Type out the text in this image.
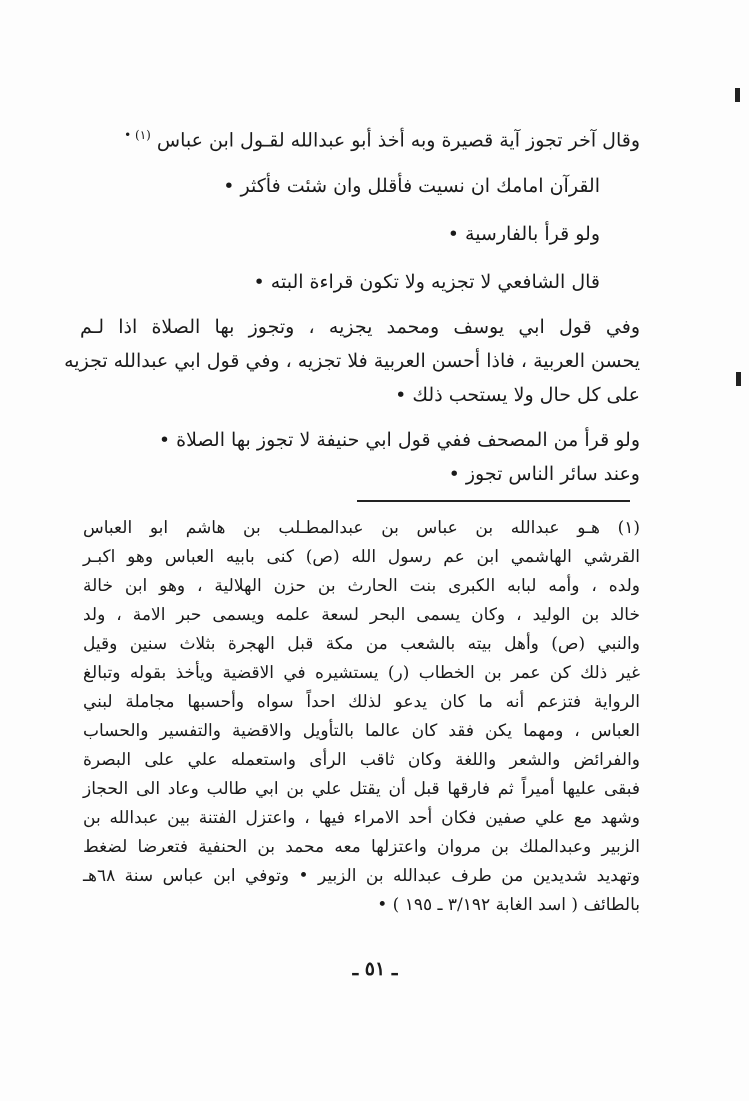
وقال آخر تجوز آية قصيرة وبه أخذ أبو عبدالله لقـول ابن عباس $^{(١) •}$
القرآن امامك ان نسيت فأقلل وان شئت فأكثر •
ولو قرأ بالفارسية •
قال الشافعي لا تجزيه ولا تكون قراءة البته •
وفي قول ابي يوسف ومحمد يجزيه ، وتجوز بها الصلاة اذا لـم
يحسن العربية ، فاذا أحسن العربية فلا تجزيه ، وفي قول ابي عبدالله تجزيه
على كل حال ولا يستحب ذلك •
ولو قرأ من المصحف ففي قول ابي حنيفة لا تجوز بها الصلاة •
وعند سائر الناس تجوز •
(١) هـو عبدالله بن عباس بن عبدالمطـلب بن هاشم ابو العباس
القرشي الهاشمي ابن عم رسول الله (ص) كنى بابيه العباس وهو اكبـر
ولده ، وأمه لبابه الكبرى بنت الحارث بن حزن الهلالية ، وهو ابن خالة
خالد بن الوليد ، وكان يسمى البحر لسعة علمه ويسمى حبر الامة ، ولد
والنبي (ص) وأهل بيته بالشعب من مكة قبل الهجرة بثلاث سنين وقيل
غير ذلك كن عمر بن الخطاب (ر) يستشيره في الاقضية ويأخذ بقوله وتبالغ
الرواية فتزعم أنه ما كان يدعو لذلك احداً سواه وأحسبها مجاملة لبني
العباس ، ومهما يكن فقد كان عالما بالتأويل والاقضية والتفسير والحساب
والفرائض والشعر واللغة وكان ثاقب الرأى واستعمله علي على البصرة
فبقى عليها أميراً ثم فارقها قبل أن يقتل علي بن ابي طالب وعاد الى الحجاز
وشهد مع علي صفين فكان أحد الامراء فيها ، واعتزل الفتنة بين عبدالله بن
الزبير وعبدالملك بن مروان واعتزلها معه محمد بن الحنفية فتعرضا لضغط
وتهديد شديدين من طرف عبدالله بن الزبير • وتوفي ابن عباس سنة ٦٨هـ
بالطائف ( اسد الغابة ٣/١٩٢ ـ ١٩٥ ) •
ـ ٥١ ـ
